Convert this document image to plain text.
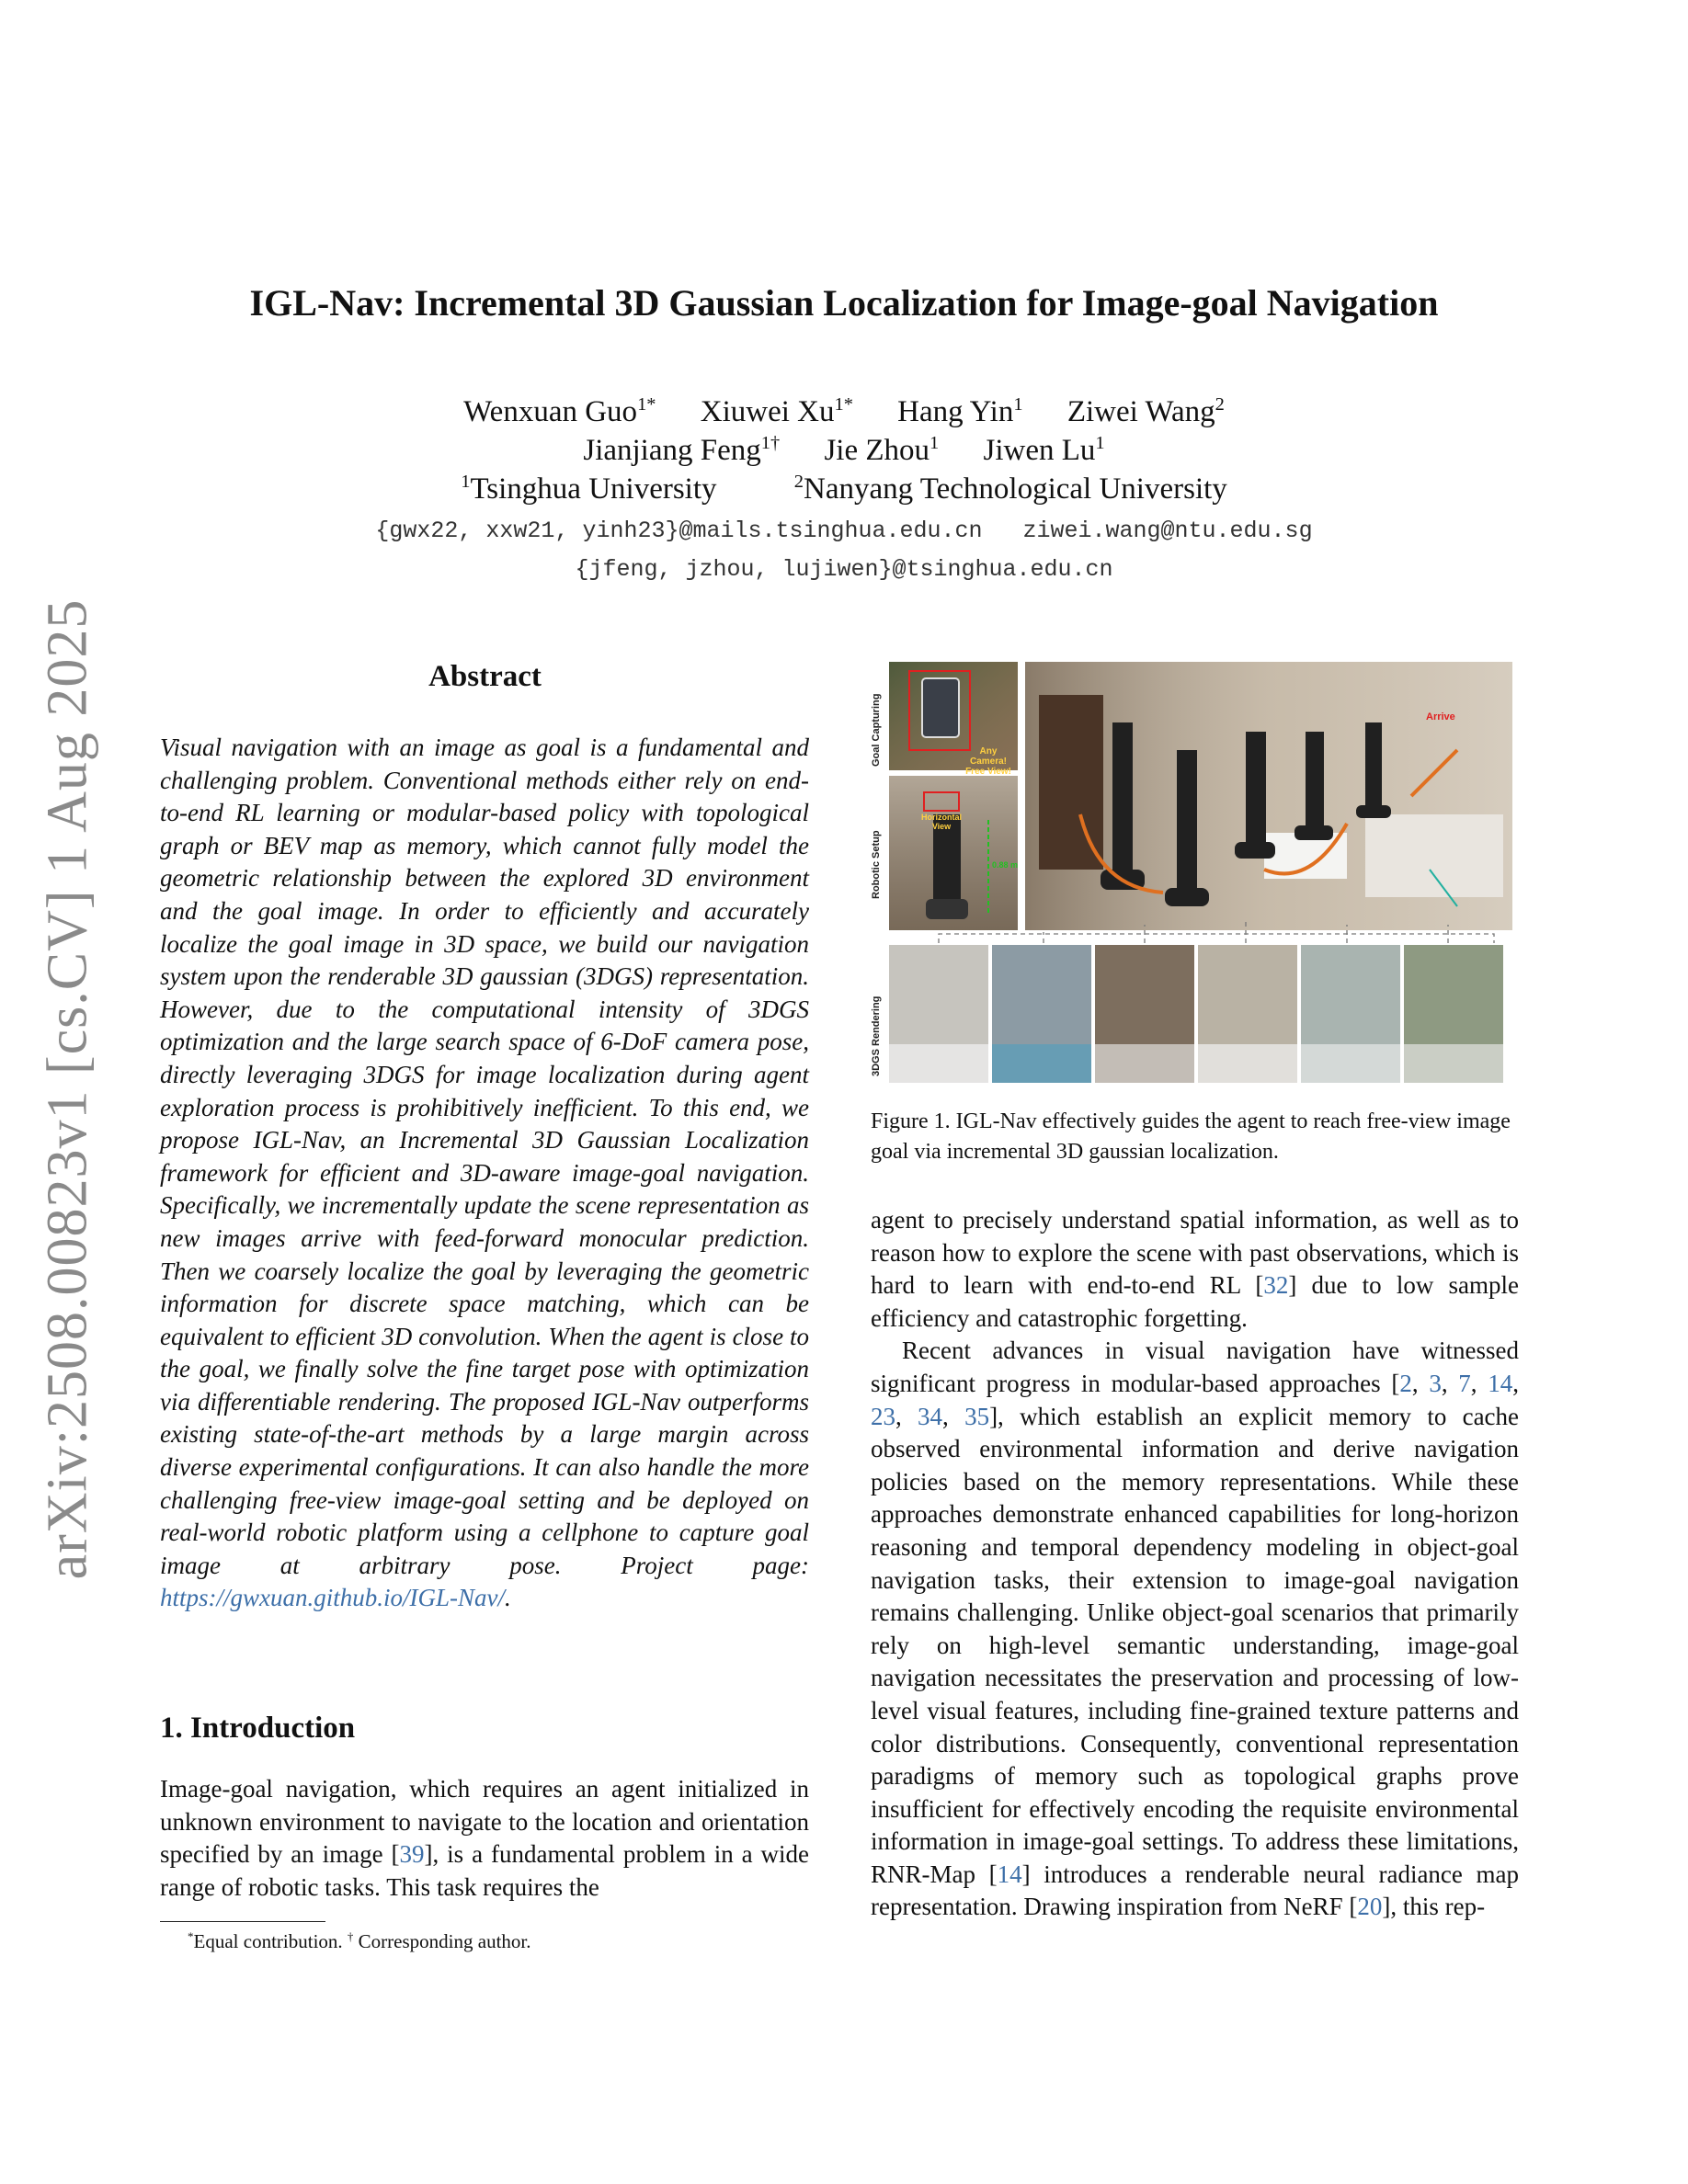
arXiv:2508.00823v1 [cs.CV] 1 Aug 2025
IGL-Nav: Incremental 3D Gaussian Localization for Image-goal Navigation
Wenxuan Guo$^{1*}$ Xiuwei $Xu^{1*}$ Hang Yin$^1$ Ziwei Wang$^2$
Jianjiang Feng$^{1\dagger}$ Jie Zhou$^1$ Jiwen Lu$^1$
$^1$Tsinghua University	$^2$Nanyang Technological University
{gwx22, xxw21, yinh23}@mails.tsinghua.edu.cn ziwei.wang@ntu.edu.sg
{jfeng, jzhou, lujiwen}@tsinghua.edu.cn
Abstract
Visual navigation with an image as goal is a fundamental and challenging problem. Conventional methods either rely on end-to-end RL learning or modular-based policy with topological graph or BEV map as memory, which cannot fully model the geometric relationship between the explored 3D environment and the goal image. In order to efficiently and accurately localize the goal image in 3D space, we build our navigation system upon the renderable 3D gaussian (3DGS) representation. However, due to the computational intensity of 3DGS optimization and the large search space of 6-DoF camera pose, directly leveraging 3DGS for image localization during agent exploration process is prohibitively inefficient. To this end, we propose IGL-Nav, an Incremental 3D Gaussian Localization framework for efficient and 3D-aware image-goal navigation. Specifically, we incrementally update the scene representation as new images arrive with feed-forward monocular prediction. Then we coarsely localize the goal by leveraging the geometric information for discrete space matching, which can be equivalent to efficient 3D convolution. When the agent is close to the goal, we finally solve the fine target pose with optimization via differentiable rendering. The proposed IGL-Nav outperforms existing state-of-the-art methods by a large margin across diverse experimental configurations. It can also handle the more challenging free-view image-goal setting and be deployed on real-world robotic platform using a cellphone to capture goal image at arbitrary pose. Project page: https://gwxuan.github.io/IGL-Nav/.
1. Introduction
Image-goal navigation, which requires an agent initialized in unknown environment to navigate to the location and orientation specified by an image [39], is a fundamental problem in a wide range of robotic tasks. This task requires the
*Equal contribution. † Corresponding author.
Goal Capturing
Robotic Setup
3DGS Rendering
Any Camera! Free View!
Horizontal View
0.88 m
Arrive
Figure 1. IGL-Nav effectively guides the agent to reach free-view image goal via incremental 3D gaussian localization.

agent to precisely understand spatial information, as well as to reason how to explore the scene with past observations, which is hard to learn with end-to-end RL [32] due to low sample efficiency and catastrophic forgetting.

Recent advances in visual navigation have witnessed significant progress in modular-based approaches [2, 3, 7, 14, 23, 34, 35], which establish an explicit memory to cache observed environmental information and derive navigation policies based on the memory representations. While these approaches demonstrate enhanced capabilities for long-horizon reasoning and temporal dependency modeling in object-goal navigation tasks, their extension to image-goal navigation remains challenging. Unlike object-goal scenarios that primarily rely on high-level semantic understanding, image-goal navigation necessitates the preservation and processing of low-level visual features, including fine-grained texture patterns and color distributions. Consequently, conventional representation paradigms of memory such as topological graphs prove insufficient for effectively encoding the requisite environmental information in image-goal settings. To address these limitations, RNR-Map [14] introduces a renderable neural radiance map representation. Drawing inspiration from NeRF [20], this rep-
